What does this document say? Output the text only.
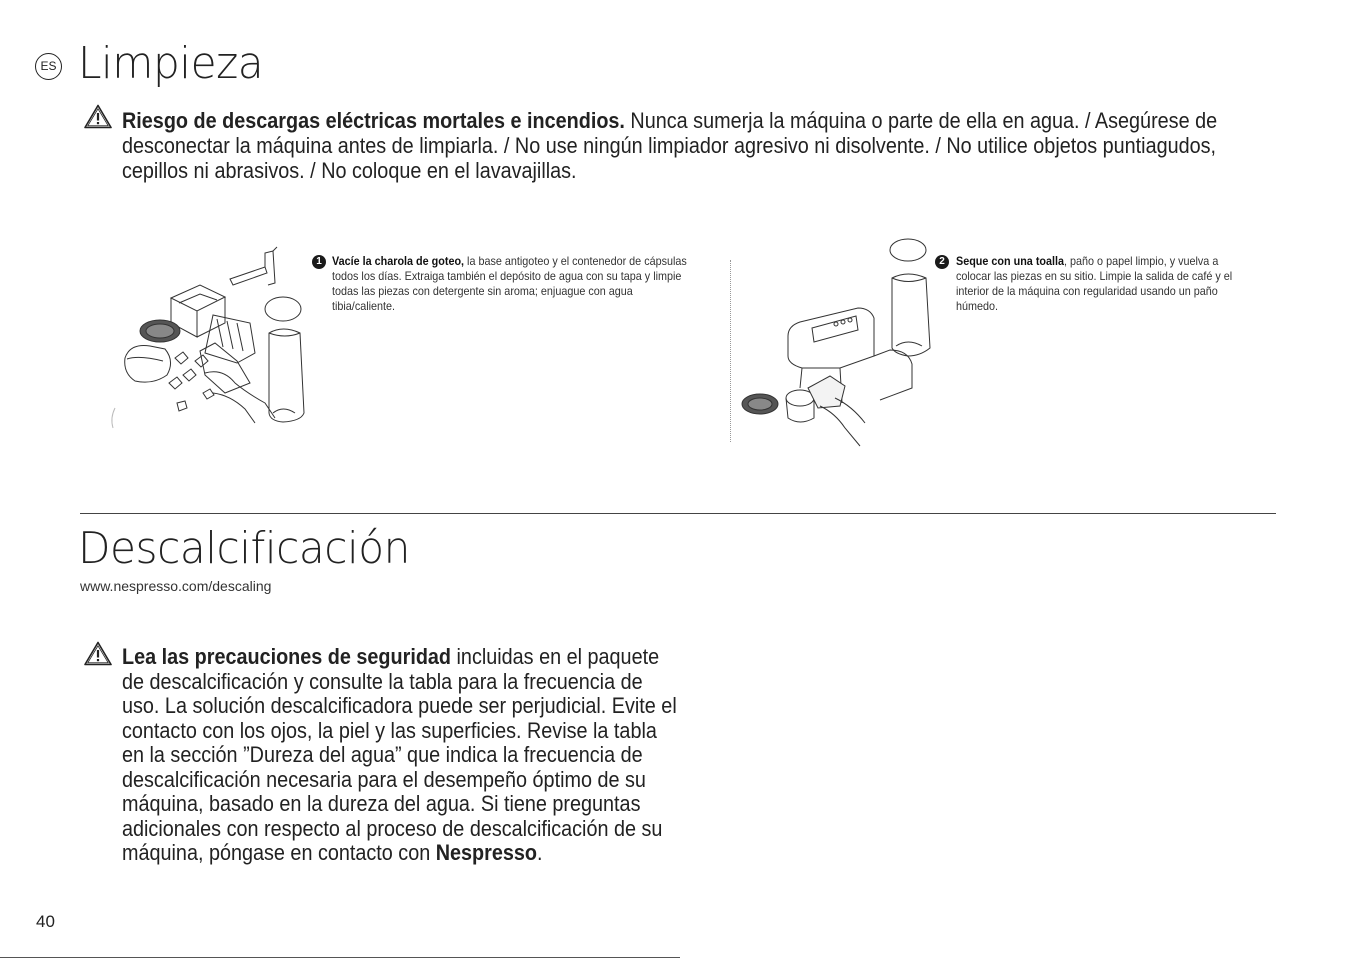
ES Limpieza
Riesgo de descargas eléctricas mortales e incendios. Nunca sumerja la máquina o parte de ella en agua. / Asegúrese de desconectar la máquina antes de limpiarla. / No use ningún limpiador agresivo ni disolvente. / No utilice objetos puntiagudos, cepillos ni abrasivos. / No coloque en el lavavajillas.
1 Vacíe la charola de goteo, la base antigoteo y el contenedor de cápsulas todos los días. Extraiga también el depósito de agua con su tapa y limpie todas las piezas con detergente sin aroma; enjuague con agua tibia/caliente.
2 Seque con una toalla, paño o papel limpio, y vuelva a colocar las piezas en su sitio. Limpie la salida de café y el interior de la máquina con regularidad usando un paño húmedo.
Descalcificación
www.nespresso.com/descaling
Lea las precauciones de seguridad incluidas en el paquete de descalcificación y consulte la tabla para la frecuencia de uso. La solución descalcificadora puede ser perjudicial. Evite el contacto con los ojos, la piel y las superficies. Revise la tabla en la sección ”Dureza del agua” que indica la frecuencia de descalcificación necesaria para el desempeño óptimo de su máquina, basado en la dureza del agua. Si tiene preguntas adicionales con respecto al proceso de descalcificación de su máquina, póngase en contacto con Nespresso.
40
